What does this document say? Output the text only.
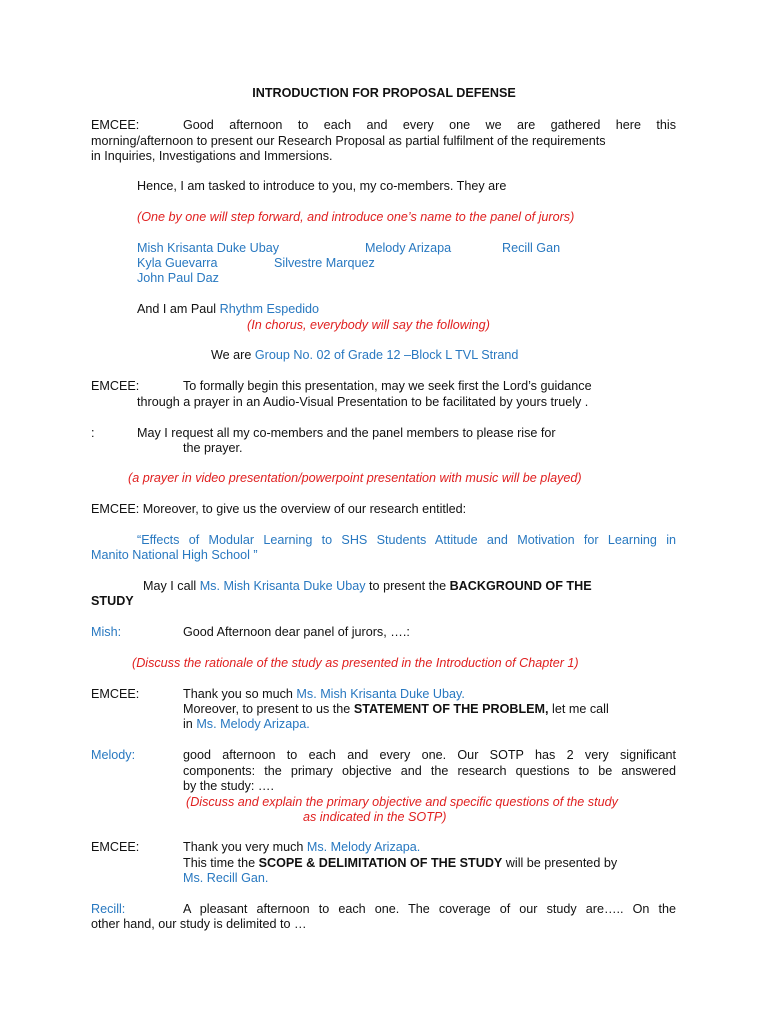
INTRODUCTION FOR PROPOSAL DEFENSE
EMCEE:	Good afternoon to each and every one we are gathered here this
morning/afternoon to present our Research Proposal as partial fulfilment of the requirements
in Inquiries, Investigations and Immersions.
Hence, I am tasked to introduce to you, my co-members. They are
(One by one will step forward, and introduce one’s name to the panel of jurors)
Mish Krisanta Duke Ubay	Melody Arizapa	Recill Gan
Kyla Guevarra	Silvestre Marquez
John Paul Daz
And I am Paul Rhythm Espedido
(In chorus, everybody will say the following)
We are Group No. 02 of Grade 12 –Block L TVL Strand
EMCEE:	To formally begin this presentation, may we seek first the Lord’s guidance
through a prayer in an Audio-Visual Presentation to be facilitated by yours truely .
:	May I request all my co-members and the panel members to please rise for
the prayer.
(a prayer in video presentation/powerpoint presentation with music will be played)
EMCEE: Moreover, to give us the overview of our research entitled:
“Effects of Modular Learning to SHS Students Attitude and Motivation for Learning in
Manito National High School ”
May I call Ms. Mish Krisanta Duke Ubay to present the BACKGROUND OF THE
STUDY
Mish:	Good Afternoon dear panel of jurors, ….:
(Discuss the rationale of the study as presented in the Introduction of Chapter 1)
EMCEE:	Thank you so much Ms. Mish Krisanta Duke Ubay.
Moreover, to present to us the STATEMENT OF THE PROBLEM, let me call
in Ms. Melody Arizapa.
Melody:	good afternoon to each and every one. Our SOTP has 2 very significant
components: the primary objective and the research questions to be answered
by the study: ….
(Discuss and explain the primary objective and specific questions of the study
as indicated in the SOTP)
EMCEE:	Thank you very much Ms. Melody Arizapa.
This time the SCOPE & DELIMITATION OF THE STUDY will be presented by
Ms. Recill Gan.
Recill:	A pleasant afternoon to each one. The coverage of our study are….. On the
other hand, our study is delimited to …
